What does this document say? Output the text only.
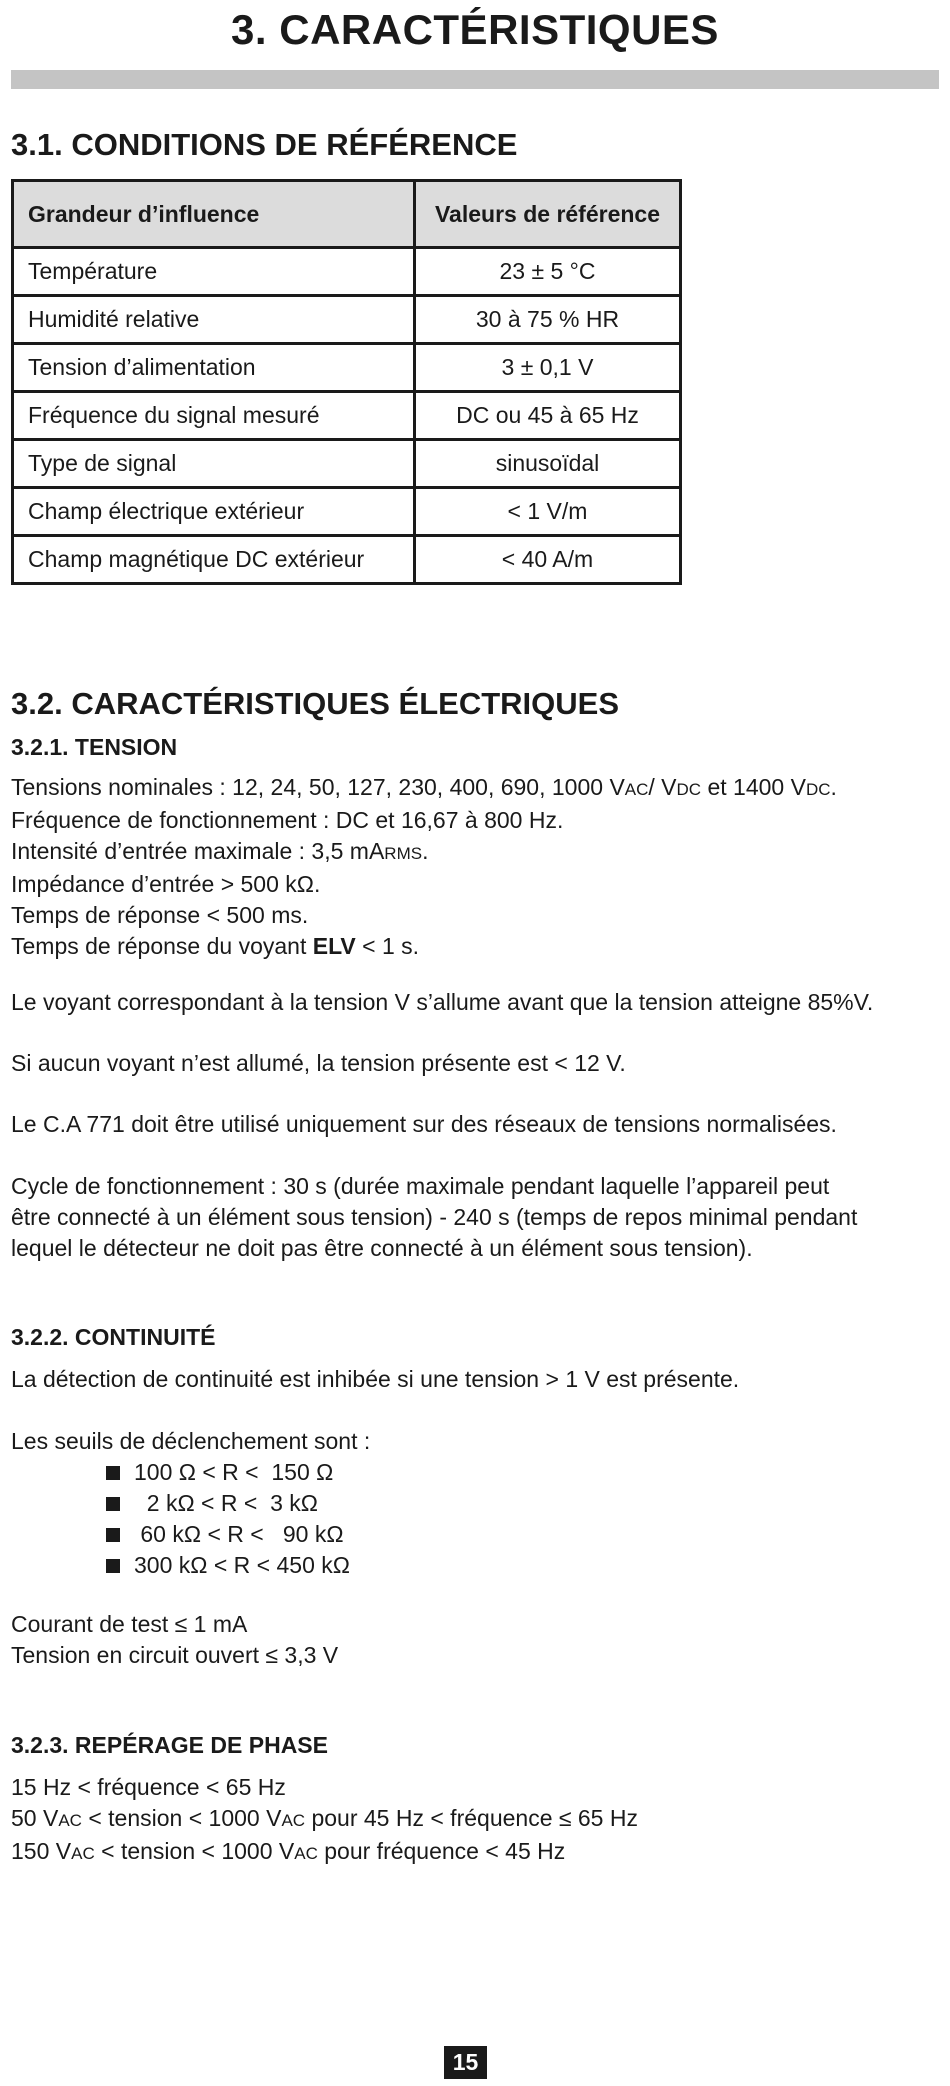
3. CARACTÉRISTIQUES
3.1. CONDITIONS DE RÉFÉRENCE
Grandeur d’influence	Valeurs de référence
Température	23 ± 5 °C
Humidité relative	30 à 75 % HR
Tension d’alimentation	3 ± 0,1 V
Fréquence du signal mesuré	DC ou 45 à 65 Hz
Type de signal	sinusoïdal
Champ électrique extérieur	< 1 V/m
Champ magnétique DC extérieur	< 40 A/m
3.2. CARACTÉRISTIQUES ÉLECTRIQUES
3.2.1. TENSION
Tensions nominales : 12, 24, 50, 127, 230, 400, 690, 1000 VAC/ VDC et 1400 VDC.
Fréquence de fonctionnement : DC et 16,67 à 800 Hz.
Intensité d’entrée maximale : 3,5 mARMS.
Impédance d’entrée > 500 kΩ.
Temps de réponse < 500 ms.
Temps de réponse du voyant ELV < 1 s.

Le voyant correspondant à la tension V s’allume avant que la tension atteigne 85%V.

Si aucun voyant n’est allumé, la tension présente est < 12 V.

Le C.A 771 doit être utilisé uniquement sur des réseaux de tensions normalisées.

Cycle de fonctionnement : 30 s (durée maximale pendant laquelle l’appareil peut
être connecté à un élément sous tension) - 240 s (temps de repos minimal pendant
lequel le détecteur ne doit pas être connecté à un élément sous tension).

3.2.2. CONTINUITÉ

La détection de continuité est inhibée si une tension > 1 V est présente.

Les seuils de déclenchement sont :

100 Ω < R <  150 Ω
2 kΩ < R <  3 kΩ
60 kΩ < R <   90 kΩ
300 kΩ < R < 450 kΩ

Courant de test ≤ 1 mA
Tension en circuit ouvert ≤ 3,3 V

3.2.3. REPÉRAGE DE PHASE

15 Hz < fréquence < 65 Hz
50 VAC < tension < 1000 VAC pour 45 Hz < fréquence ≤ 65 Hz
150 VAC < tension < 1000 VAC pour fréquence < 45 Hz

15
